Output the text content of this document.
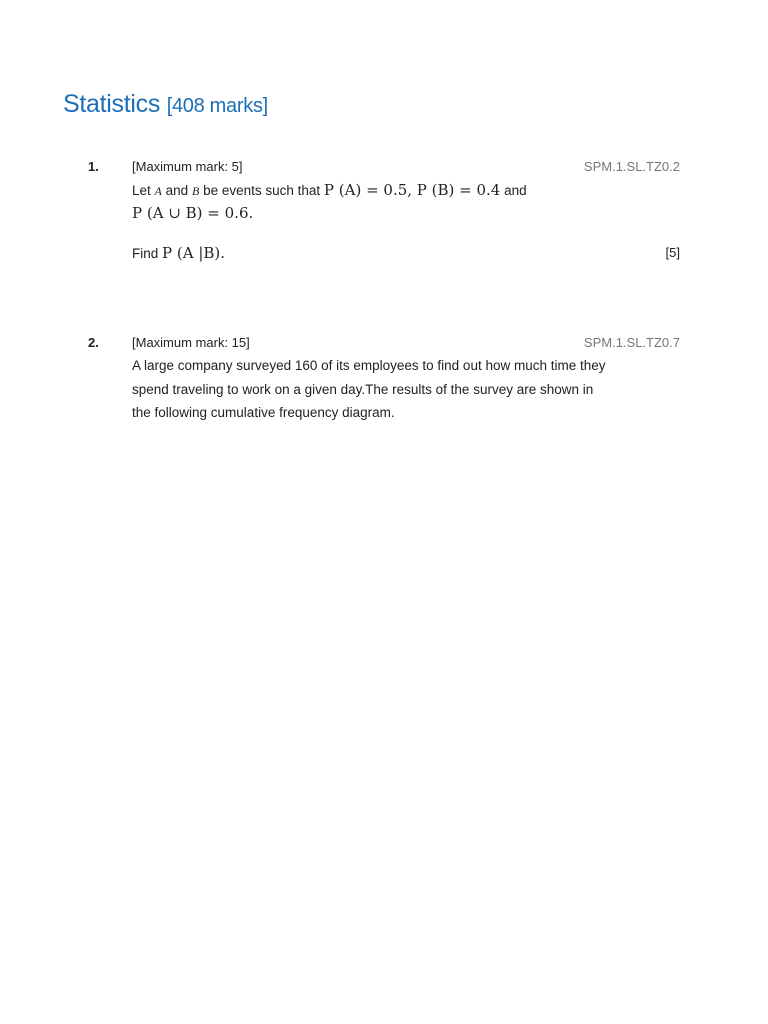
Statistics [408 marks]
1.	[Maximum mark: 5]	SPM.1.SL.TZ0.2
Let A and B be events such that P (A) = 0.5, P (B) = 0.4 and
P (A ∪ B) = 0.6.
Find P (A |B).	[5]
2.	[Maximum mark: 15]	SPM.1.SL.TZ0.7
A large company surveyed 160 of its employees to find out how much time they
spend traveling to work on a given day.The results of the survey are shown in
the following cumulative frequency diagram.
